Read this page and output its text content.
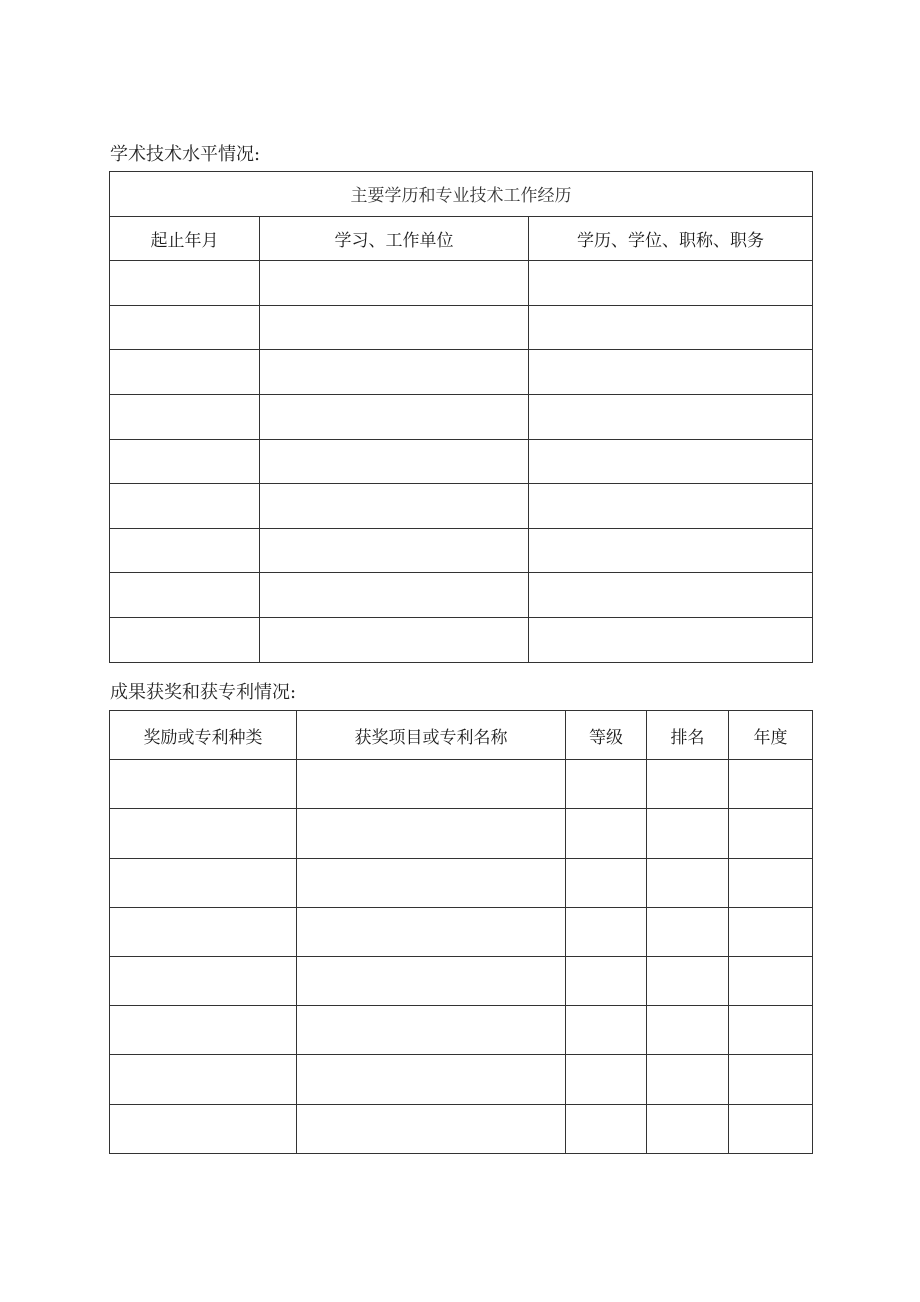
学术技术水平情况:
主要学历和专业技术工作经历		
起止年月	学习、工作单位	学历、学位、职称、职务

成果获奖和获专利情况:
奖励或专利种类	获奖项目或专利名称	等级	排名	年度
